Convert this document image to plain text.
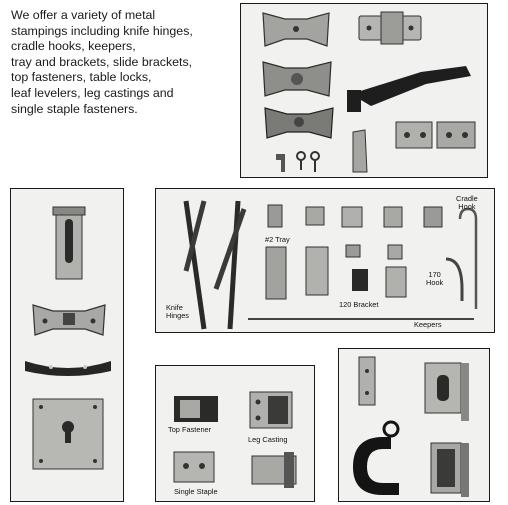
We offer a variety of metal
stampings including knife hinges,
cradle hooks, keepers,
tray and brackets, slide brackets,
top fasteners, table locks,
leaf levelers, leg castings and
single staple fasteners.
Cradle
Hook
#2 Tray
170
Hook
Knife
Hinges
120 Bracket
Keepers
Top Fastener
Leg Casting
Single Staple
